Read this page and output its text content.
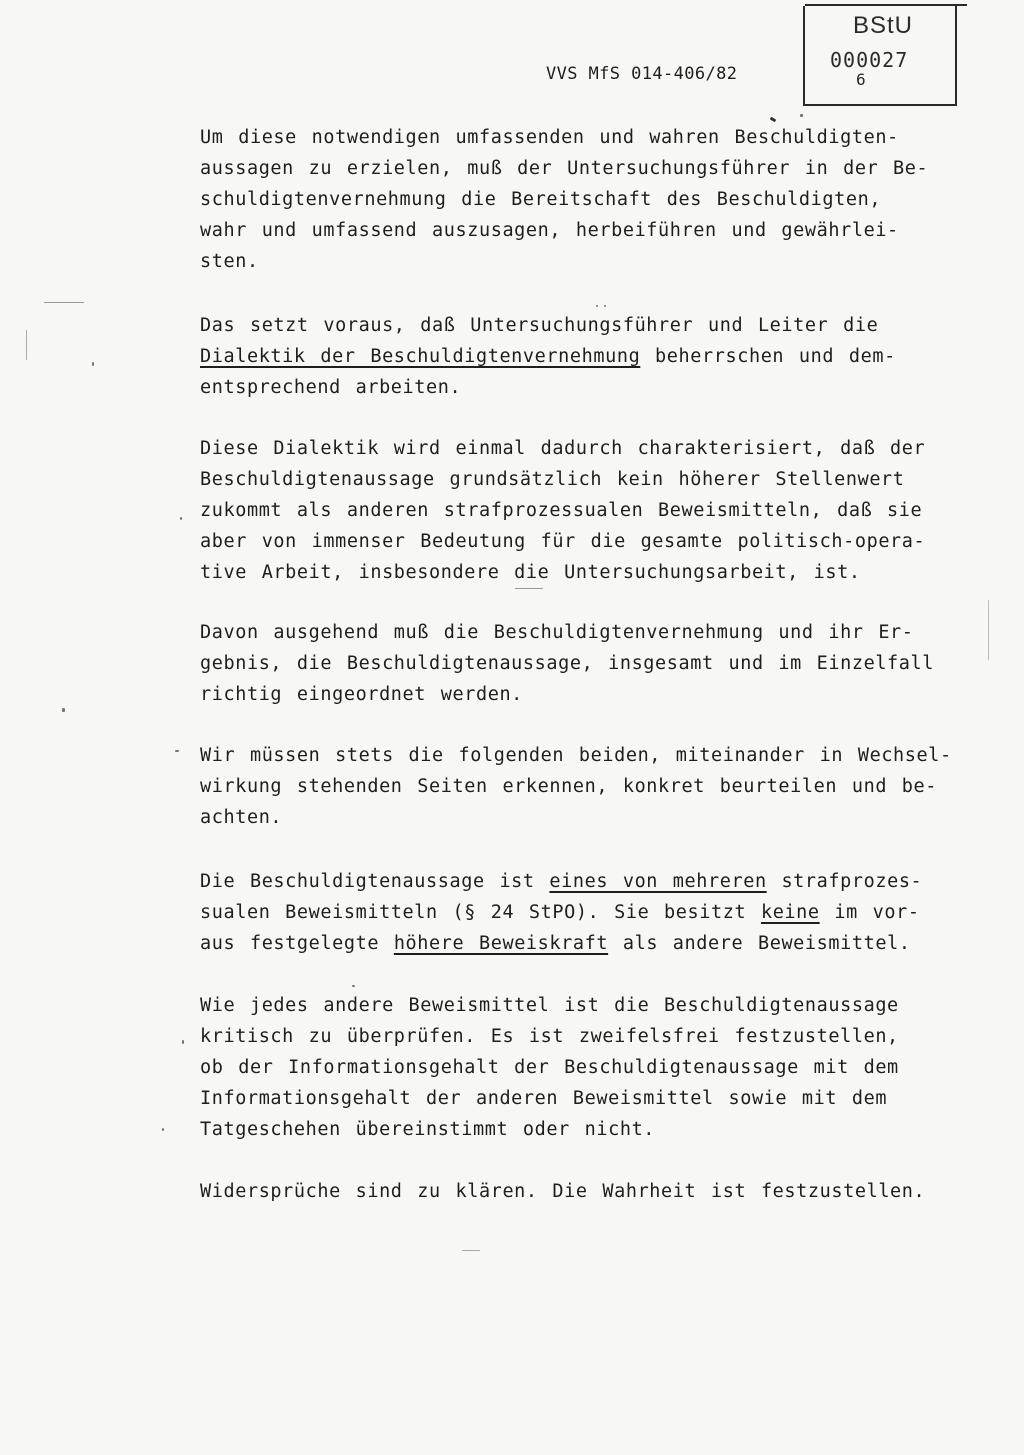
BStU
000027
6
VVS MfS 014-406/82
Um diese notwendigen umfassenden und wahren Beschuldigten-
aussagen zu erzielen, muß der Untersuchungsführer in der Be-
schuldigtenvernehmung die Bereitschaft des Beschuldigten,
wahr und umfassend auszusagen, herbeiführen und gewährlei-
sten.
Das setzt voraus, daß Untersuchungsführer und Leiter die
Dialektik der Beschuldigtenvernehmung beherrschen und dem-
entsprechend arbeiten.
Diese Dialektik wird einmal dadurch charakterisiert, daß der
Beschuldigtenaussage grundsätzlich kein höherer Stellenwert
zukommt als anderen strafprozessualen Beweismitteln, daß sie
aber von immenser Bedeutung für die gesamte politisch-opera-
tive Arbeit, insbesondere die Untersuchungsarbeit, ist.
Davon ausgehend muß die Beschuldigtenvernehmung und ihr Er-
gebnis, die Beschuldigtenaussage, insgesamt und im Einzelfall
richtig eingeordnet werden.
Wir müssen stets die folgenden beiden, miteinander in Wechsel-
wirkung stehenden Seiten erkennen, konkret beurteilen und be-
achten.
Die Beschuldigtenaussage ist eines von mehreren strafprozes-
sualen Beweismitteln (§ 24 StPO). Sie besitzt keine im vor-
aus festgelegte höhere Beweiskraft als andere Beweismittel.
Wie jedes andere Beweismittel ist die Beschuldigtenaussage
kritisch zu überprüfen. Es ist zweifelsfrei festzustellen,
ob der Informationsgehalt der Beschuldigtenaussage mit dem
Informationsgehalt der anderen Beweismittel sowie mit dem
Tatgeschehen übereinstimmt oder nicht.
Widersprüche sind zu klären. Die Wahrheit ist festzustellen.
